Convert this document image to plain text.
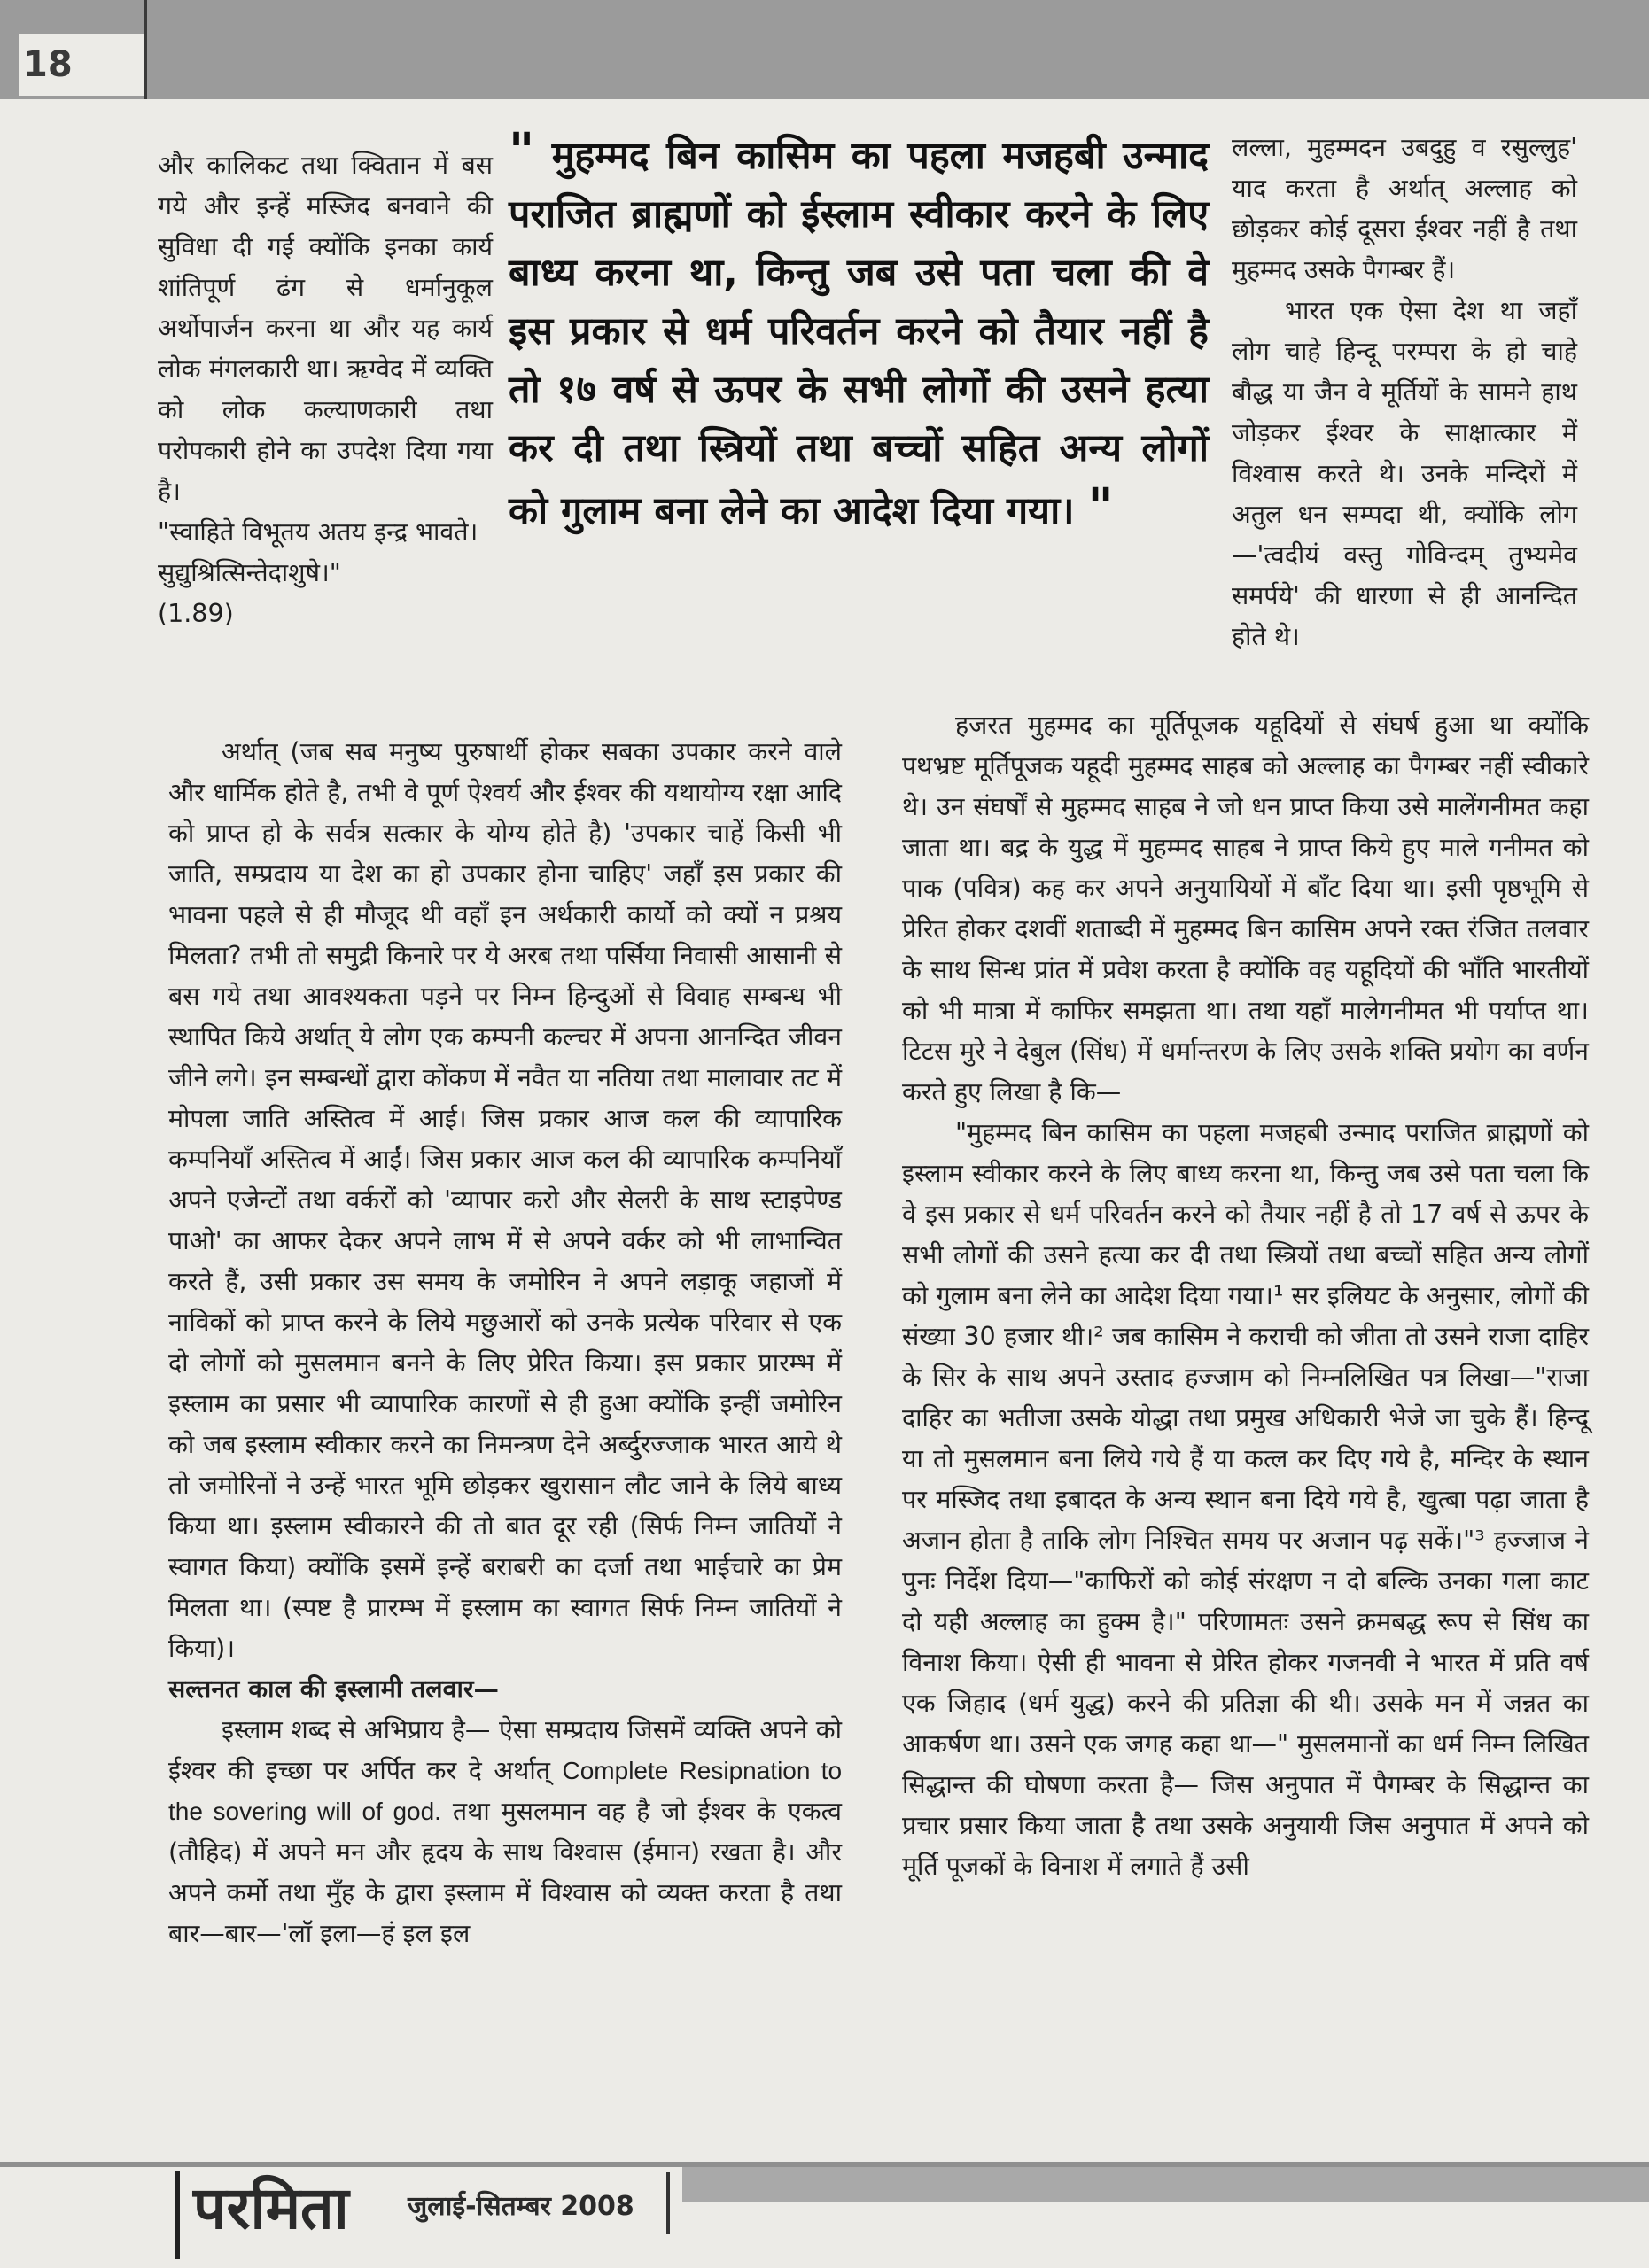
18

और कालिकट तथा क्वितान में बस गये और इन्हें मस्जिद बनवाने की सुविधा दी गई क्योंकि इनका कार्य शांतिपूर्ण ढंग से धर्मानुकूल अर्थोपार्जन करना था और यह कार्य लोक मंगलकारी था। ऋग्वेद में व्यक्ति को लोक कल्याणकारी तथा परोपकारी होने का उपदेश दिया गया है।

"स्वाहिते विभूतय अतय इन्द्र भावते।

सुद्युश्रित्सिन्तेदाशुषे।"

(1.89)

" मुहम्मद बिन कासिम का पहला मजहबी उन्माद पराजित ब्राह्मणों को ईस्लाम स्वीकार करने के लिए बाध्य करना था, किन्तु जब उसे पता चला की वे इस प्रकार से धर्म परिवर्तन करने को तैयार नहीं है तो १७ वर्ष से ऊपर के सभी लोगों की उसने हत्या कर दी तथा स्त्रियों तथा बच्चों सहित अन्य लोगों को गुलाम बना लेने का आदेश दिया गया। "

लल्ला, मुहम्मदन उबदुहु व रसुल्लुह' याद करता है अर्थात् अल्लाह को छोड़कर कोई दूसरा ईश्वर नहीं है तथा मुहम्मद उसके पैगम्बर हैं।

भारत एक ऐसा देश था जहाँ लोग चाहे हिन्दू परम्परा के हो चाहे बौद्ध या जैन वे मूर्तियों के सामने हाथ जोड़कर ईश्वर के साक्षात्कार में विश्वास करते थे। उनके मन्दिरों में अतुल धन सम्पदा थी, क्योंकि लोग—'त्वदीयं वस्तु गोविन्दम् तुभ्यमेव समर्पये' की धारणा से ही आनन्दित होते थे।

अर्थात् (जब सब मनुष्य पुरुषार्थी होकर सबका उपकार करने वाले और धार्मिक होते है, तभी वे पूर्ण ऐश्वर्य और ईश्वर की यथायोग्य रक्षा आदि को प्राप्त हो के सर्वत्र सत्कार के योग्य होते है) 'उपकार चाहें किसी भी जाति, सम्प्रदाय या देश का हो उपकार होना चाहिए' जहाँ इस प्रकार की भावना पहले से ही मौजूद थी वहाँ इन अर्थकारी कार्यो को क्यों न प्रश्रय मिलता? तभी तो समुद्री किनारे पर ये अरब तथा पर्सिया निवासी आसानी से बस गये तथा आवश्यकता पड़ने पर निम्न हिन्दुओं से विवाह सम्बन्ध भी स्थापित किये अर्थात् ये लोग एक कम्पनी कल्चर में अपना आनन्दित जीवन जीने लगे। इन सम्बन्धों द्वारा कोंकण में नवैत या नतिया तथा मालावार तट में मोपला जाति अस्तित्व में आई। जिस प्रकार आज कल की व्यापारिक कम्पनियाँ अस्तित्व में आईं। जिस प्रकार आज कल की व्यापारिक कम्पनियाँ अपने एजेन्टों तथा वर्करों को 'व्यापार करो और सेलरी के साथ स्टाइपेण्ड पाओ' का आफर देकर अपने लाभ में से अपने वर्कर को भी लाभान्वित करते हैं, उसी प्रकार उस समय के जमोरिन ने अपने लड़ाकू जहाजों में नाविकों को प्राप्त करने के लिये मछुआरों को उनके प्रत्येक परिवार से एक दो लोगों को मुसलमान बनने के लिए प्रेरित किया। इस प्रकार प्रारम्भ में इस्लाम का प्रसार भी व्यापारिक कारणों से ही हुआ क्योंकि इन्हीं जमोरिन को जब इस्लाम स्वीकार करने का निमन्त्रण देने अर्ब्दुरज्जाक भारत आये थे तो जमोरिनों ने उन्हें भारत भूमि छोड़कर खुरासान लौट जाने के लिये बाध्य किया था। इस्लाम स्वीकारने की तो बात दूर रही (सिर्फ निम्न जातियों ने स्वागत किया) क्योंकि इसमें इन्हें बराबरी का दर्जा तथा भाईचारे का प्रेम मिलता था। (स्पष्ट है प्रारम्भ में इस्लाम का स्वागत सिर्फ निम्न जातियों ने किया)।

सल्तनत काल की इस्लामी तलवार—

इस्लाम शब्द से अभिप्राय है— ऐसा सम्प्रदाय जिसमें व्यक्ति अपने को ईश्वर की इच्छा पर अर्पित कर दे अर्थात् Complete Resipnation to the sovering will of god. तथा मुसलमान वह है जो ईश्वर के एकत्व (तौहिद) में अपने मन और हृदय के साथ विश्वास (ईमान) रखता है। और अपने कर्मो तथा मुँह के द्वारा इस्लाम में विश्वास को व्यक्त करता है तथा बार—बार—'लॉ इला—हं इल इल

हजरत मुहम्मद का मूर्तिपूजक यहूदियों से संघर्ष हुआ था क्योंकि पथभ्रष्ट मूर्तिपूजक यहूदी मुहम्मद साहब को अल्लाह का पैगम्बर नहीं स्वीकारे थे। उन संघर्षों से मुहम्मद साहब ने जो धन प्राप्त किया उसे मालेंगनीमत कहा जाता था। बद्र के युद्ध में मुहम्मद साहब ने प्राप्त किये हुए माले गनीमत को पाक (पवित्र) कह कर अपने अनुयायियों में बाँट दिया था। इसी पृष्ठभूमि से प्रेरित होकर दशवीं शताब्दी में मुहम्मद बिन कासिम अपने रक्त रंजित तलवार के साथ सिन्ध प्रांत में प्रवेश करता है क्योंकि वह यहूदियों की भाँति भारतीयों को भी मात्रा में काफिर समझता था। तथा यहाँ मालेगनीमत भी पर्याप्त था। टिटस मुरे ने देबुल (सिंध) में धर्मान्तरण के लिए उसके शक्ति प्रयोग का वर्णन करते हुए लिखा है कि—

"मुहम्मद बिन कासिम का पहला मजहबी उन्माद पराजित ब्राह्मणों को इस्लाम स्वीकार करने के लिए बाध्य करना था, किन्तु जब उसे पता चला कि वे इस प्रकार से धर्म परिवर्तन करने को तैयार नहीं है तो 17 वर्ष से ऊपर के सभी लोगों की उसने हत्या कर दी तथा स्त्रियों तथा बच्चों सहित अन्य लोगों को गुलाम बना लेने का आदेश दिया गया।¹ सर इलियट के अनुसार, लोगों की संख्या 30 हजार थी।² जब कासिम ने कराची को जीता तो उसने राजा दाहिर के सिर के साथ अपने उस्ताद हज्जाम को निम्नलिखित पत्र लिखा—"राजा दाहिर का भतीजा उसके योद्धा तथा प्रमुख अधिकारी भेजे जा चुके हैं। हिन्दू या तो मुसलमान बना लिये गये हैं या कत्ल कर दिए गये है, मन्दिर के स्थान पर मस्जिद तथा इबादत के अन्य स्थान बना दिये गये है, खुत्बा पढ़ा जाता है अजान होता है ताकि लोग निश्चित समय पर अजान पढ़ सकें।"³ हज्जाज ने पुनः निर्देश दिया—"काफिरों को कोई संरक्षण न दो बल्कि उनका गला काट दो यही अल्लाह का हुक्म है।" परिणामतः उसने क्रमबद्ध रूप से सिंध का विनाश किया। ऐसी ही भावना से प्रेरित होकर गजनवी ने भारत में प्रति वर्ष एक जिहाद (धर्म युद्ध) करने की प्रतिज्ञा की थी। उसके मन में जन्नत का आकर्षण था। उसने एक जगह कहा था—" मुसलमानों का धर्म निम्न लिखित सिद्धान्त की घोषणा करता है— जिस अनुपात में पैगम्बर के सिद्धान्त का प्रचार प्रसार किया जाता है तथा उसके अनुयायी जिस अनुपात में अपने को मूर्ति पूजकों के विनाश में लगाते हैं उसी

परमिता जुलाई-सितम्बर 2008
